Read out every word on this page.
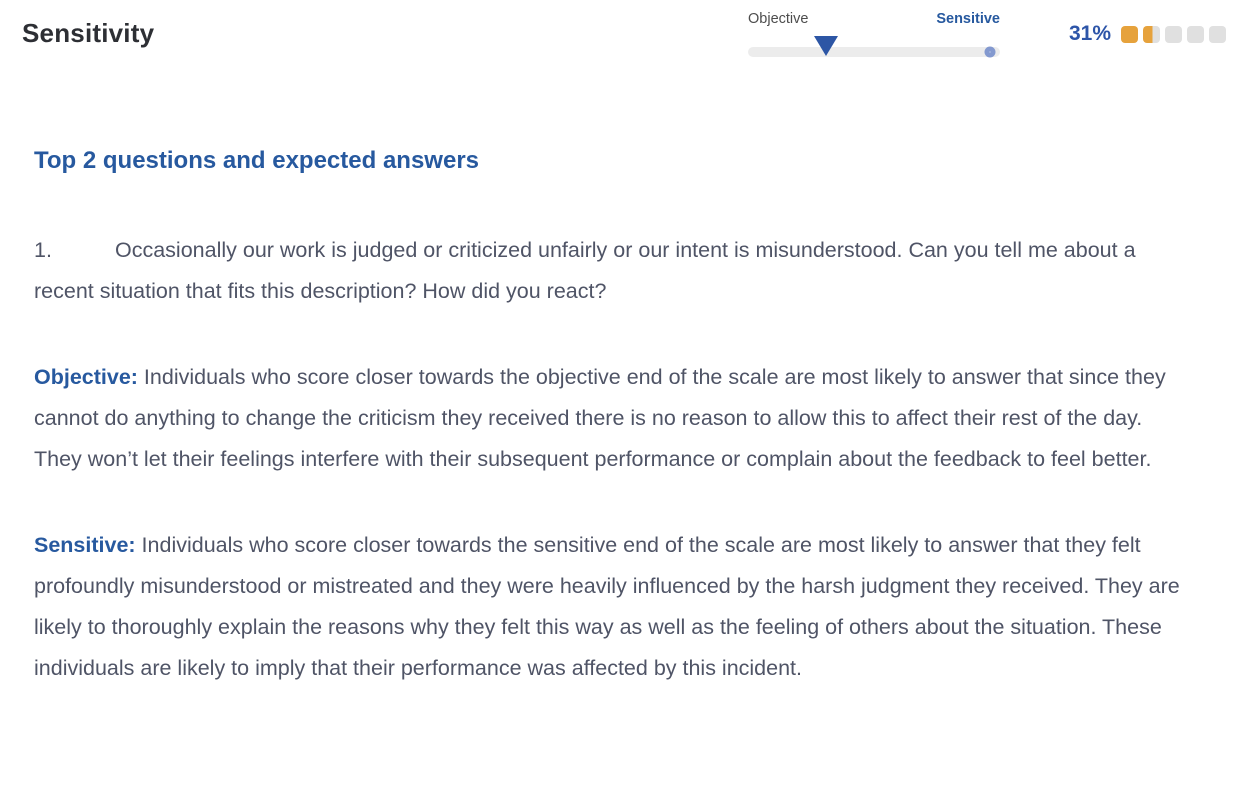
Sensitivity	Objective	Sensitive
31%
Top 2 questions and expected answers

1.	Occasionally our work is judged or criticized unfairly or our intent is misunderstood. Can you tell me about a recent situation that fits this description? How did you react?

Objective: Individuals who score closer towards the objective end of the scale are most likely to answer that since they cannot do anything to change the criticism they received there is no reason to allow this to affect their rest of the day. They won’t let their feelings interfere with their subsequent performance or complain about the feedback to feel better.

Sensitive: Individuals who score closer towards the sensitive end of the scale are most likely to answer that they felt profoundly misunderstood or mistreated and they were heavily influenced by the harsh judgment they received. They are likely to thoroughly explain the reasons why they felt this way as well as the feeling of others about the situation. These individuals are likely to imply that their performance was affected by this incident.
